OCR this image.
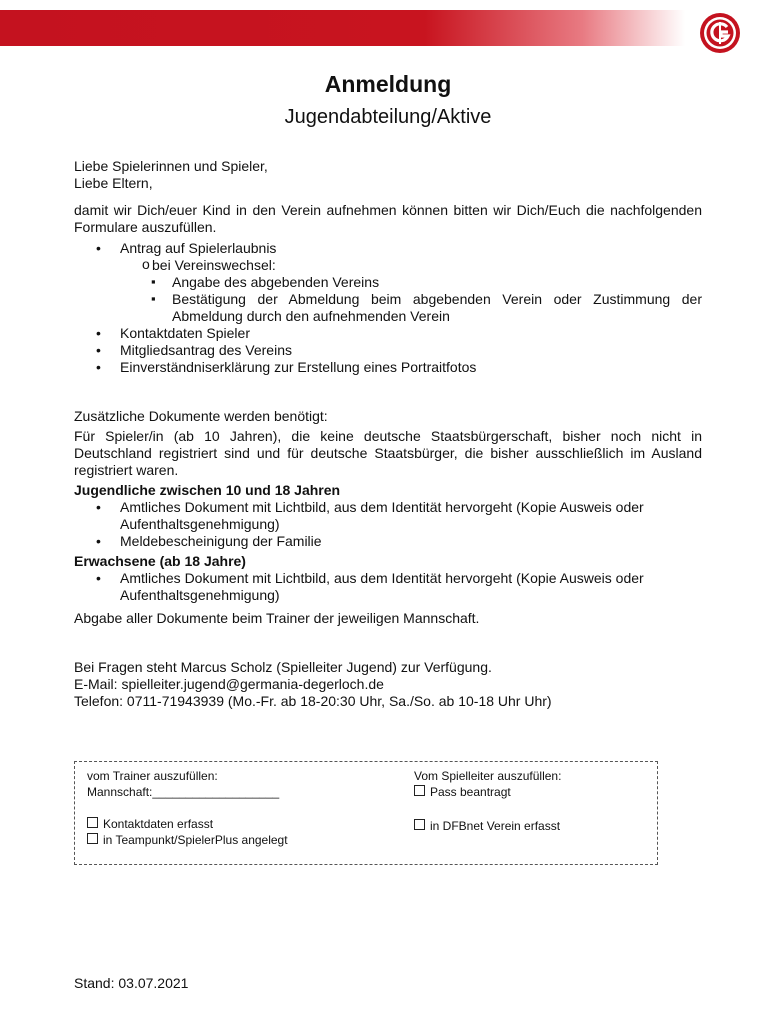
Anmeldung
Jugendabteilung/Aktive

Liebe Spielerinnen und Spieler,

Liebe Eltern,

damit wir Dich/euer Kind in den Verein aufnehmen können bitten wir Dich/Euch die nachfolgenden Formulare auszufüllen.

• Antrag auf Spielerlaubnis
o bei Vereinswechsel:
▪ Angabe des abgebenden Vereins
▪ Bestätigung der Abmeldung beim abgebenden Verein oder Zustimmung der Abmeldung durch den aufnehmenden Verein
• Kontaktdaten Spieler
• Mitgliedsantrag des Vereins
• Einverständniserklärung zur Erstellung eines Portraitfotos

Zusätzliche Dokumente werden benötigt:

Für Spieler/in (ab 10 Jahren), die keine deutsche Staatsbürgerschaft, bisher noch nicht in Deutschland registriert sind und für deutsche Staatsbürger, die bisher ausschließlich im Ausland registriert waren.

Jugendliche zwischen 10 und 18 Jahren

• Amtliches Dokument mit Lichtbild, aus dem Identität hervorgeht (Kopie Ausweis oder Aufenthaltsgenehmigung)
• Meldebescheinigung der Familie

Erwachsene (ab 18 Jahre)

• Amtliches Dokument mit Lichtbild, aus dem Identität hervorgeht (Kopie Ausweis oder Aufenthaltsgenehmigung)

Abgabe aller Dokumente beim Trainer der jeweiligen Mannschaft.

Bei Fragen steht Marcus Scholz (Spielleiter Jugend) zur Verfügung.

E-Mail: spielleiter.jugend@germania-degerloch.de

Telefon: 0711-71943939 (Mo.-Fr. ab 18-20:30 Uhr, Sa./So. ab 10-18 Uhr Uhr)

vom Trainer auszufüllen:
Mannschaft:___________________
Vom Spielleiter auszufüllen:
Pass beantragt
Kontaktdaten erfasst
in Teampunkt/SpielerPlus angelegt
in DFBnet Verein erfasst
Stand: 03.07.2021
